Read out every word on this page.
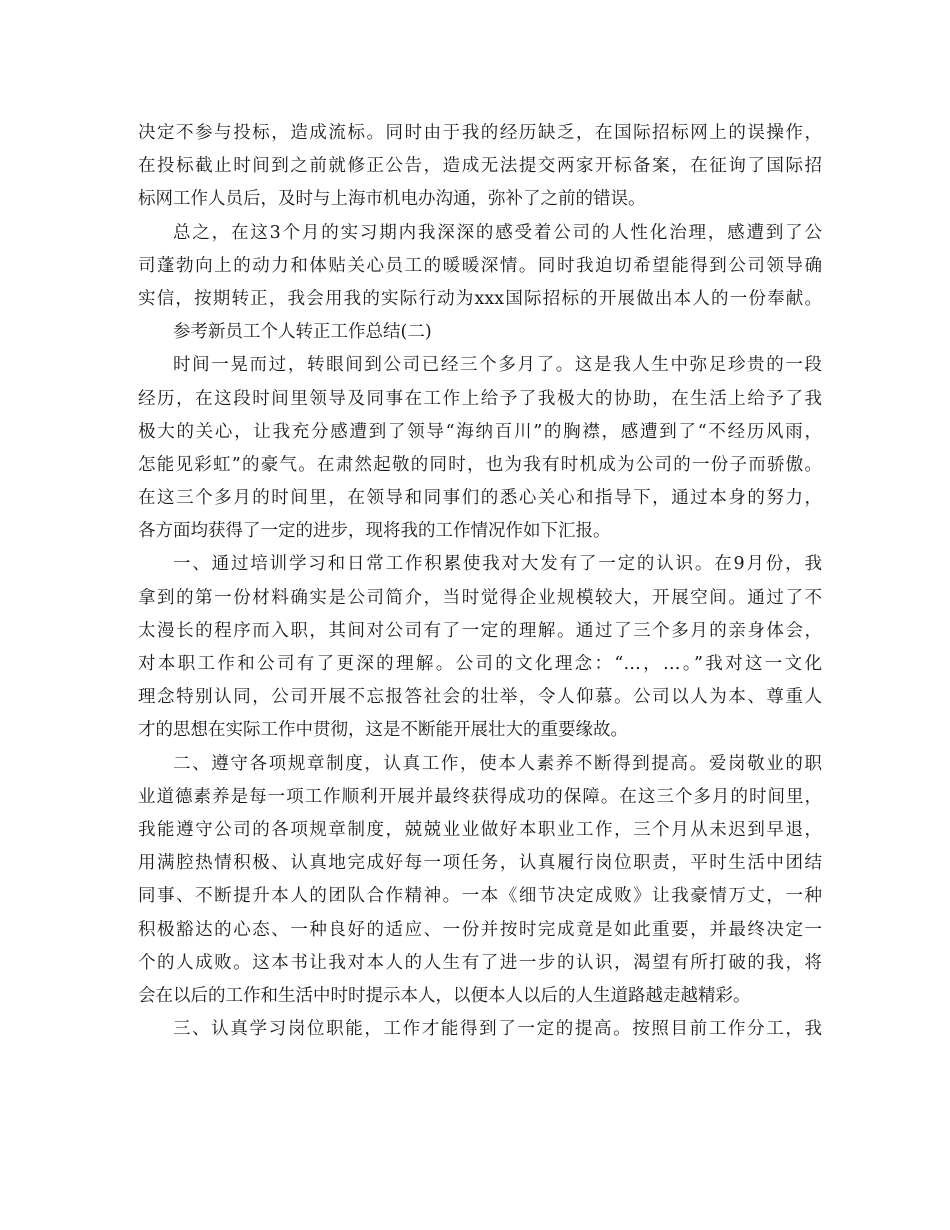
决定不参与投标，造成流标。同时由于我的经历缺乏，在国际招标网上的误操作，
在投标截止时间到之前就修正公告，造成无法提交两家开标备案，在征询了国际招
标网工作人员后，及时与上海市机电办沟通，弥补了之前的错误。
总之，在这3个月的实习期内我深深的感受着公司的人性化治理，感遭到了公
司蓬勃向上的动力和体贴关心员工的暖暖深情。同时我迫切希望能得到公司领导确
实信，按期转正，我会用我的实际行动为xxx国际招标的开展做出本人的一份奉献。
参考新员工个人转正工作总结(二)
时间一晃而过，转眼间到公司已经三个多月了。这是我人生中弥足珍贵的一段
经历，在这段时间里领导及同事在工作上给予了我极大的协助，在生活上给予了我
极大的关心，让我充分感遭到了领导“海纳百川”的胸襟，感遭到了“不经历风雨，
怎能见彩虹”的豪气。在肃然起敬的同时，也为我有时机成为公司的一份子而骄傲。
在这三个多月的时间里，在领导和同事们的悉心关心和指导下，通过本身的努力，
各方面均获得了一定的进步，现将我的工作情况作如下汇报。
一、通过培训学习和日常工作积累使我对大发有了一定的认识。在9月份，我
拿到的第一份材料确实是公司简介，当时觉得企业规模较大，开展空间。通过了不
太漫长的程序而入职，其间对公司有了一定的理解。通过了三个多月的亲身体会，
对本职工作和公司有了更深的理解。公司的文化理念：“…，…。”我对这一文化
理念特别认同，公司开展不忘报答社会的壮举，令人仰慕。公司以人为本、尊重人
才的思想在实际工作中贯彻，这是不断能开展壮大的重要缘故。
二、遵守各项规章制度，认真工作，使本人素养不断得到提高。爱岗敬业的职
业道德素养是每一项工作顺利开展并最终获得成功的保障。在这三个多月的时间里，
我能遵守公司的各项规章制度，兢兢业业做好本职业工作，三个月从未迟到早退，
用满腔热情积极、认真地完成好每一项任务，认真履行岗位职责，平时生活中团结
同事、不断提升本人的团队合作精神。一本《细节决定成败》让我豪情万丈，一种
积极豁达的心态、一种良好的适应、一份并按时完成竟是如此重要，并最终决定一
个的人成败。这本书让我对本人的人生有了进一步的认识，渴望有所打破的我，将
会在以后的工作和生活中时时提示本人，以便本人以后的人生道路越走越精彩。
三、认真学习岗位职能，工作才能得到了一定的提高。按照目前工作分工，我
